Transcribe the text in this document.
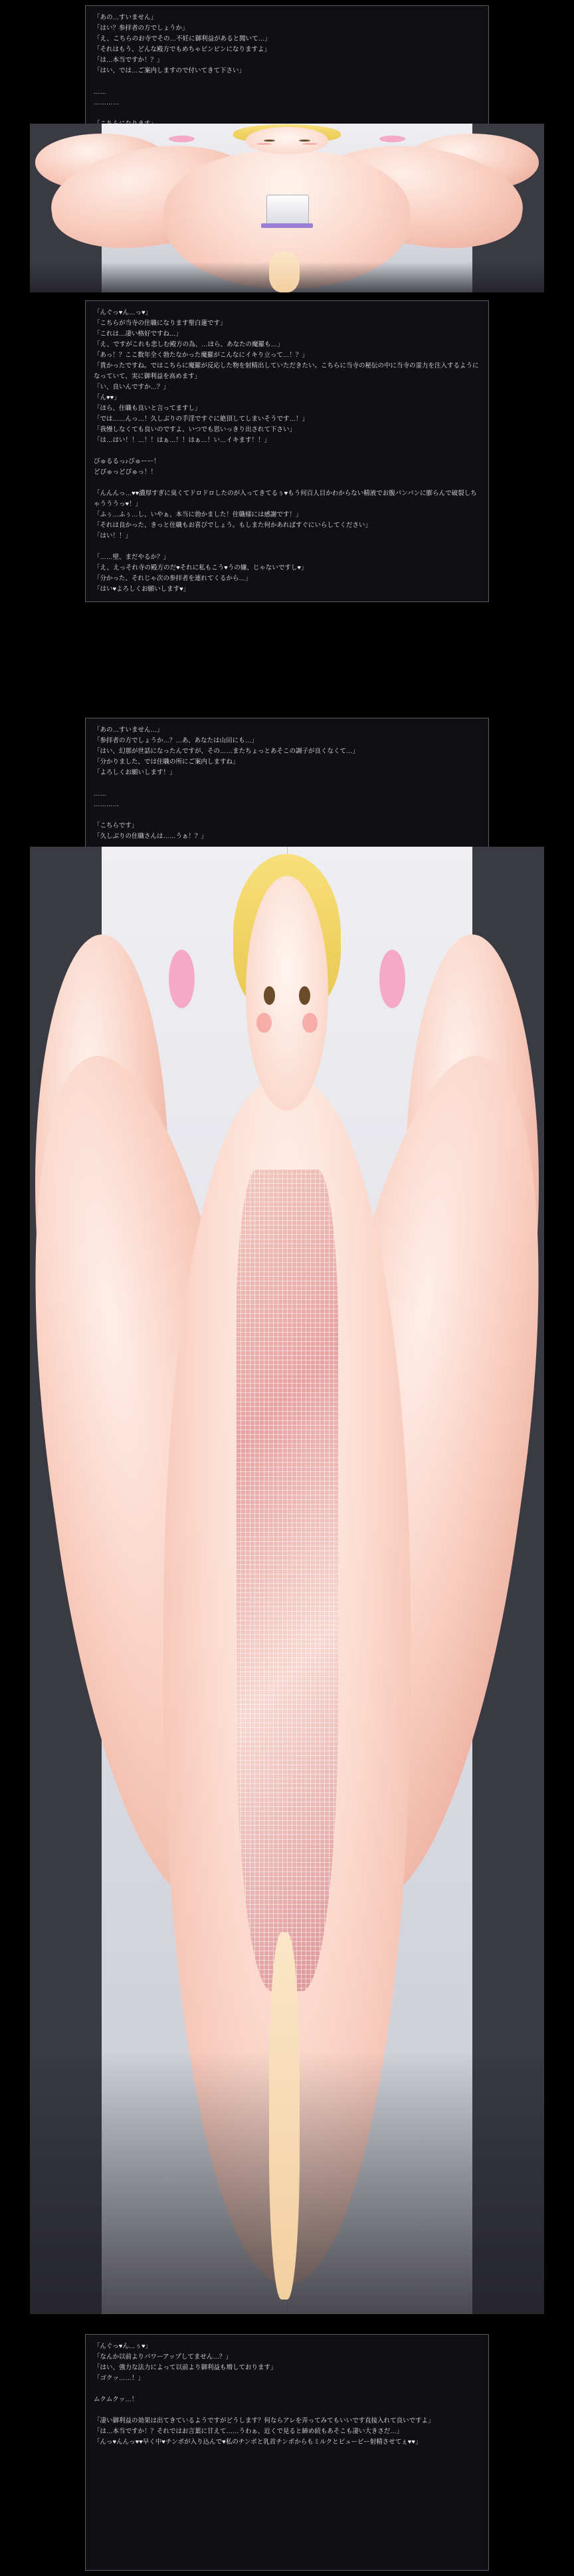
「あの…すいません」

「はい？参拝者の方でしょうか」

「え、こちらのお寺でその…不妊に御利益があると聞いて…」

「それはもう、どんな殿方でもめちゃピンピンになりますよ」

「は…本当ですか！？」

「はい、では…ご案内しますので付いてきて下さい」

……

…………

「んぐっ♥ん…っ♥」

「こちらが当寺の住職になります聖白蓮です」

「これは…凄い格好ですね…」

「え、ですがこれも悲しむ殿方の為、…ほら、あなたの魔羅も…」

「あっ！？ここ数年全く勃たなかった魔羅がこんなにイキり立って…！？」

「貴かったですね。ではこちらに魔羅が反応した物を射精出していただきたい。こちらに当寺の秘伝の中に当寺の霊力を注入するようになっていて、実に御利益を高めます」

「い、良いんですか…？」

「ん♥♥」

「ほら、住職も良いと言ってますし」

「では……んっ…！久しぶりの手淫ですぐに絶頂してしまいそうです…！」

「我慢しなくても良いのですよ、いつでも思いっきり出されて下さい」

「は…はい！！…！！はぁ…！！はぁ…！い…イキます！！」

びゅるるっ♪びゅーー！

どぴゅっどぴゅっ！！

「んんんっ…♥♥濃厚すぎに臭くてドロドロしたのが入ってきてるぅ♥もう何百人目かわからない精液でお腹パンパンに膨らんで破裂しちゃうううっ♥！」

「ふぅ…ふぅ…し、いやぁ、本当に勃かました！住職様には感謝です！」

「それは良かった、きっと住職もお喜びでしょう。もしまた何かあればすぐにいらしてください」

「はい！！」

「……壁、まだやるか？」

「え、えっそれ寺の殿方のだ♥それに私もこう♥うの嫌、じゃないですし♥」

「分かった、それじゃ次の参拝者を連れてくるから…」

「はい♥よろしくお願いします♥」

「あの…すいません…」

「参拝者の方でしょうか…？…あ、あなたは山田にも…」

「はい、幻那が世話になったんですが、その……またちょっとあそこの調子が良くなくて…」

「分かりました、では住職の所にご案内しますね」

「よろしくお願いします！」

……

…………

「こちらです」

「久しぶりの住職さんは……うぁ！？」

「んぐっ♥ん…ぅ♥」

「なんか以前よりパワーアップしてません…？」

「はい、強力な法力によって以前より御利益も増しております」

「ゴクッ……！」

ムクムクッ…！

「凄い御利益の効果は出てきているようですがどうします？何ならアレを弄ってみてもいいです直接入れて良いですよ」

「は…本当ですか！？それではお言葉に甘えて……うわぁ、近くで見ると締め続もあそこも凄い大きさだ…」

「んっ♥んんっ♥♥早く中♥チンポが入り込んで♥私のチンポと乳首チンポからもミルクとピュービー射精させてぇ♥♥」
